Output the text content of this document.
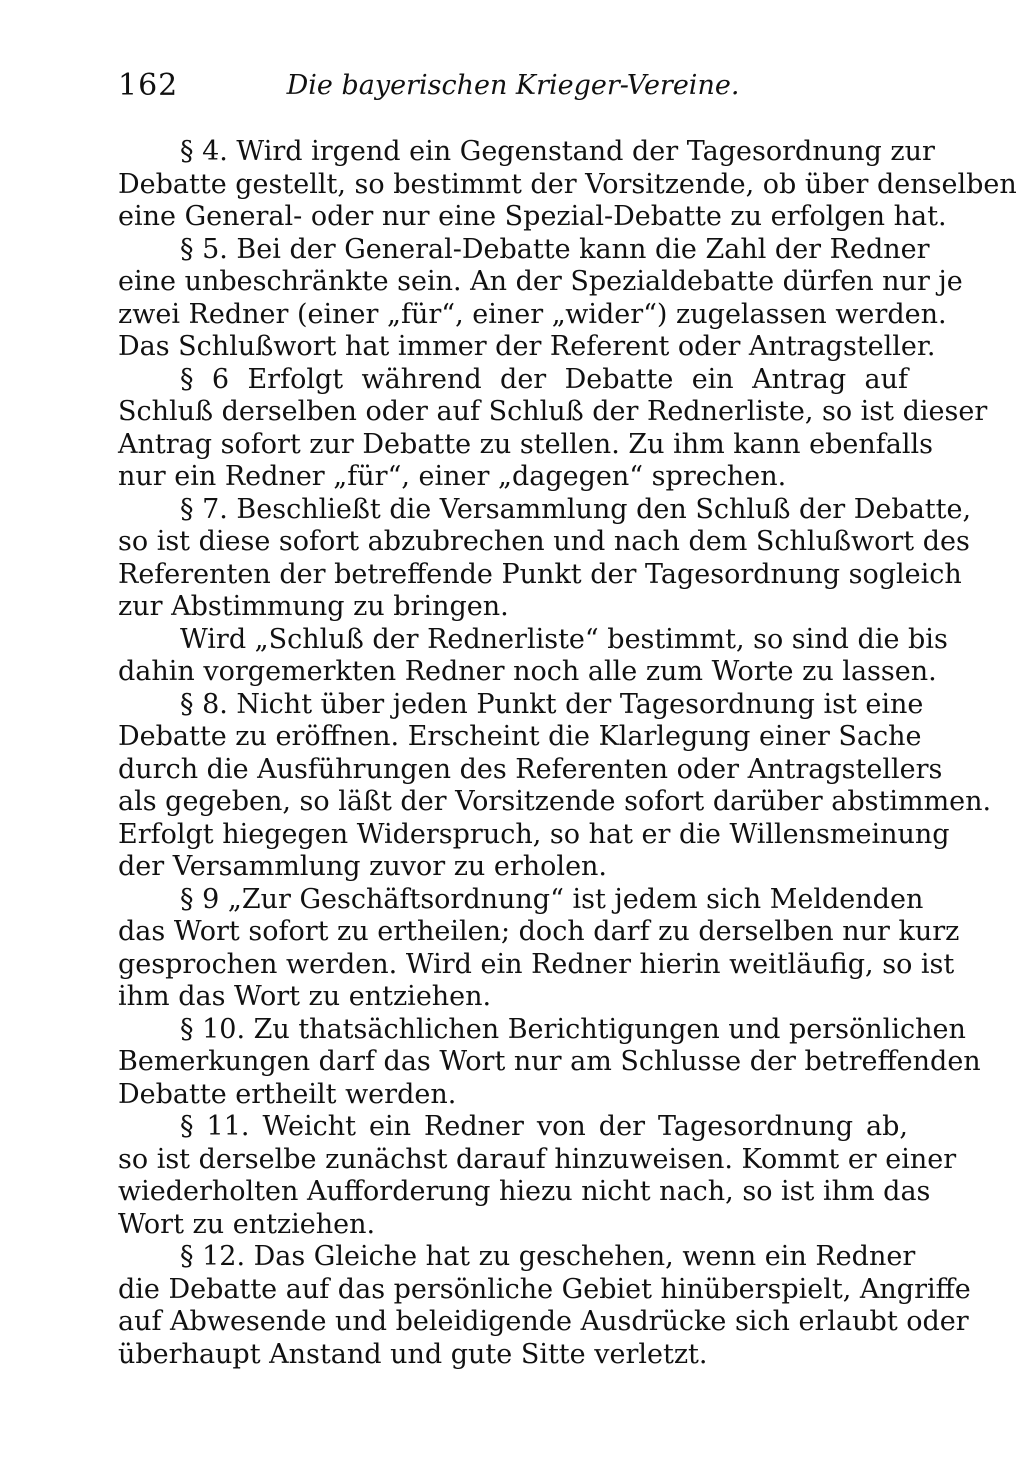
162	Die bayerischen Krieger-Vereine.
§ 4. Wird irgend ein Gegenstand der Tagesordnung zur
Debatte gestellt, so bestimmt der Vorsitzende, ob über denselben
eine General- oder nur eine Spezial-Debatte zu erfolgen hat.
§ 5. Bei der General-Debatte kann die Zahl der Redner
eine unbeschränkte sein. An der Spezialdebatte dürfen nur je
zwei Redner (einer „für“, einer „wider“) zugelassen werden.
Das Schlußwort hat immer der Referent oder Antragsteller.
§ 6 Erfolgt während der Debatte ein Antrag auf
Schluß derselben oder auf Schluß der Rednerliste, so ist dieser
Antrag sofort zur Debatte zu stellen. Zu ihm kann ebenfalls
nur ein Redner „für“, einer „dagegen“ sprechen.
§ 7. Beschließt die Versammlung den Schluß der Debatte,
so ist diese sofort abzubrechen und nach dem Schlußwort des
Referenten der betreffende Punkt der Tagesordnung sogleich
zur Abstimmung zu bringen.
Wird „Schluß der Rednerliste“ bestimmt, so sind die bis
dahin vorgemerkten Redner noch alle zum Worte zu lassen.
§ 8. Nicht über jeden Punkt der Tagesordnung ist eine
Debatte zu eröffnen. Erscheint die Klarlegung einer Sache
durch die Ausführungen des Referenten oder Antragstellers
als gegeben, so läßt der Vorsitzende sofort darüber abstimmen.
Erfolgt hiegegen Widerspruch, so hat er die Willensmeinung
der Versammlung zuvor zu erholen.
§ 9 „Zur Geschäftsordnung“ ist jedem sich Meldenden
das Wort sofort zu ertheilen; doch darf zu derselben nur kurz
gesprochen werden. Wird ein Redner hierin weitläufig, so ist
ihm das Wort zu entziehen.
§ 10. Zu thatsächlichen Berichtigungen und persönlichen
Bemerkungen darf das Wort nur am Schlusse der betreffenden
Debatte ertheilt werden.
§ 11. Weicht ein Redner von der Tagesordnung ab,
so ist derselbe zunächst darauf hinzuweisen. Kommt er einer
wiederholten Aufforderung hiezu nicht nach, so ist ihm das
Wort zu entziehen.
§ 12. Das Gleiche hat zu geschehen, wenn ein Redner
die Debatte auf das persönliche Gebiet hinüberspielt, Angriffe
auf Abwesende und beleidigende Ausdrücke sich erlaubt oder
überhaupt Anstand und gute Sitte verletzt.
